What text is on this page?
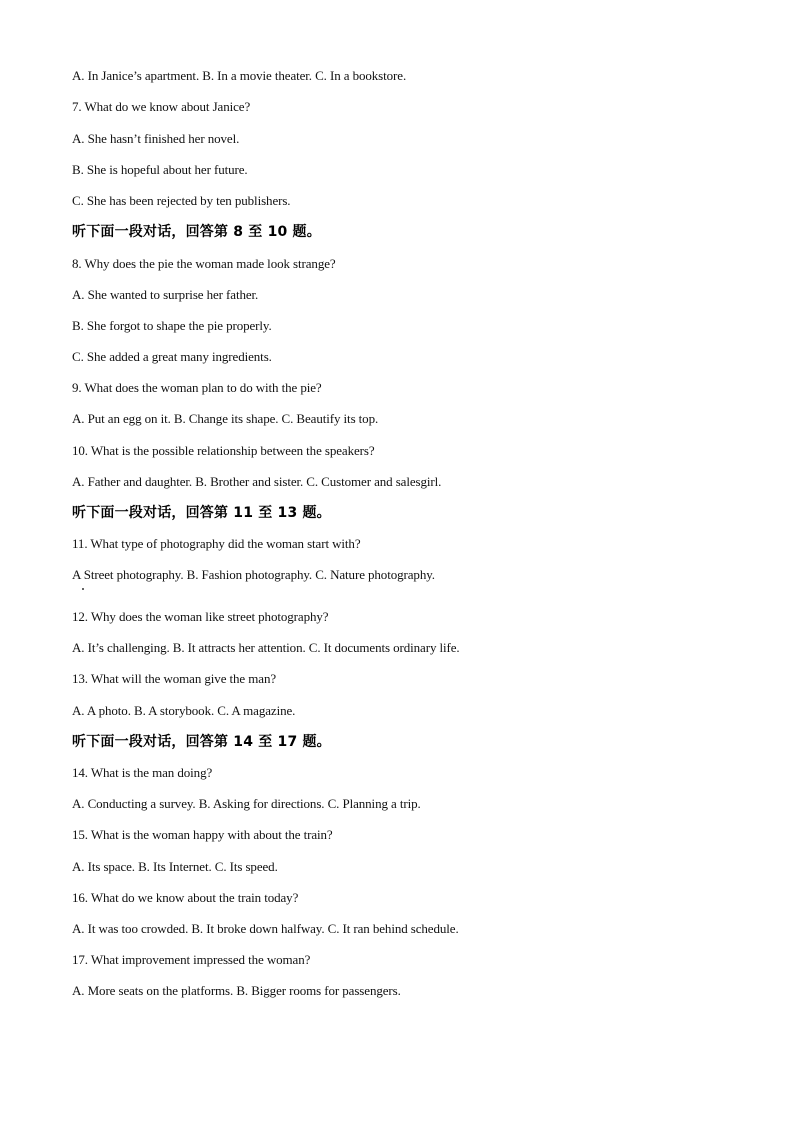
A. In Janice’s apartment. B. In a movie theater. C. In a bookstore.
7. What do we know about Janice?
A. She hasn’t finished her novel.
B. She is hopeful about her future.
C. She has been rejected by ten publishers.
听下面一段对话，回答第 8 至 10 题。
8. Why does the pie the woman made look strange?
A. She wanted to surprise her father.
B. She forgot to shape the pie properly.
C. She added a great many ingredients.
9. What does the woman plan to do with the pie?
A. Put an egg on it. B. Change its shape. C. Beautify its top.
10. What is the possible relationship between the speakers?
A. Father and daughter. B. Brother and sister. C. Customer and salesgirl.
听下面一段对话，回答第 11 至 13 题。
11. What type of photography did the woman start with?
A Street photography. B. Fashion photography. C. Nature photography.
12. Why does the woman like street photography?
A. It’s challenging. B. It attracts her attention. C. It documents ordinary life.
13. What will the woman give the man?
A. A photo. B. A storybook. C. A magazine.
听下面一段对话，回答第 14 至 17 题。
14. What is the man doing?
A. Conducting a survey. B. Asking for directions. C. Planning a trip.
15. What is the woman happy with about the train?
A. Its space. B. Its Internet. C. Its speed.
16. What do we know about the train today?
A. It was too crowded. B. It broke down halfway. C. It ran behind schedule.
17. What improvement impressed the woman?
A. More seats on the platforms. B. Bigger rooms for passengers.
